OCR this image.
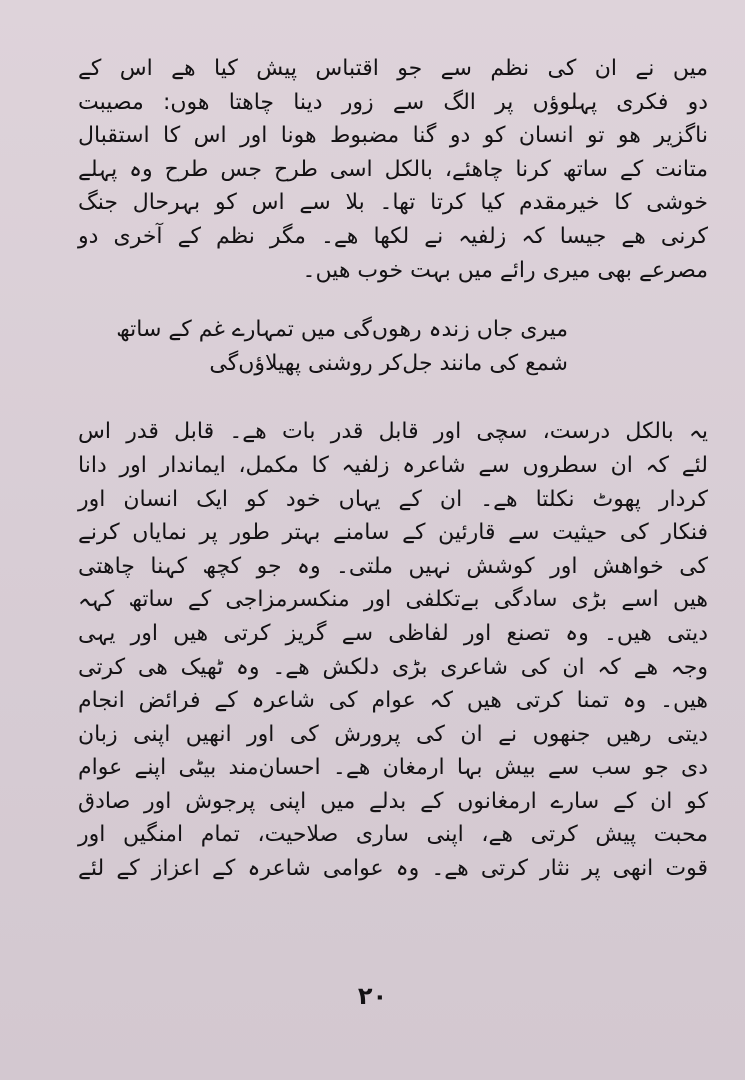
میں نے ان کی نظم سے جو اقتباس پیش کیا ھے اس کے
دو فکری پہلوؤں پر الگ سے زور دینا چاھتا ھوں: مصیبت
ناگزیر ھو تو انسان کو دو گنا مضبوط ھونا اور اس کا استقبال
متانت کے ساتھ کرنا چاھئے، بالکل اسی طرح جس طرح وہ پہلے
خوشی کا خیرمقدم کیا کرتا تھا۔ بلا سے اس کو بہرحال جنگ
کرنی ھے جیسا کہ زلفیہ نے لکھا ھے۔ مگر نظم کے آخری دو
مصرعے بھی میری رائے میں بہت خوب ھیں۔
میری جاں زندہ رھوں‌گی میں تمہارے غم کے ساتھ
شمع کی مانند جل‌کر روشنی پھیلاؤں‌گی
یہ بالکل درست، سچی اور قابل قدر بات ھے۔ قابل قدر اس
لئے کہ ان سطروں سے شاعرہ زلفیہ کا مکمل، ایماندار اور دانا
کردار پھوٹ نکلتا ھے۔ ان کے یہاں خود کو ایک انسان اور
فنکار کی حیثیت سے قارئین کے سامنے بہتر طور پر نمایاں کرنے
کی خواھش اور کوشش نہیں ملتی۔ وہ جو کچھ کہنا چاھتی
ھیں اسے بڑی سادگی بےتکلفی اور منکسرمزاجی کے ساتھ کہہ
دیتی ھیں۔ وہ تصنع اور لفاظی سے گریز کرتی ھیں اور یہی
وجہ ھے کہ ان کی شاعری بڑی دلکش ھے۔ وہ ٹھیک ھی کرتی
ھیں۔ وہ تمنا کرتی ھیں کہ عوام کی شاعرہ کے فرائض انجام
دیتی رھیں جنھوں نے ان کی پرورش کی اور انھیں اپنی زبان
دی جو سب سے بیش بہا ارمغان ھے۔ احسان‌مند بیٹی اپنے عوام
کو ان کے سارے ارمغانوں کے بدلے میں اپنی پرجوش اور صادق
محبت پیش کرتی ھے، اپنی ساری صلاحیت، تمام امنگیں اور
قوت انھی پر نثار کرتی ھے۔ وہ عوامی شاعرہ کے اعزاز کے لئے
۲۰
